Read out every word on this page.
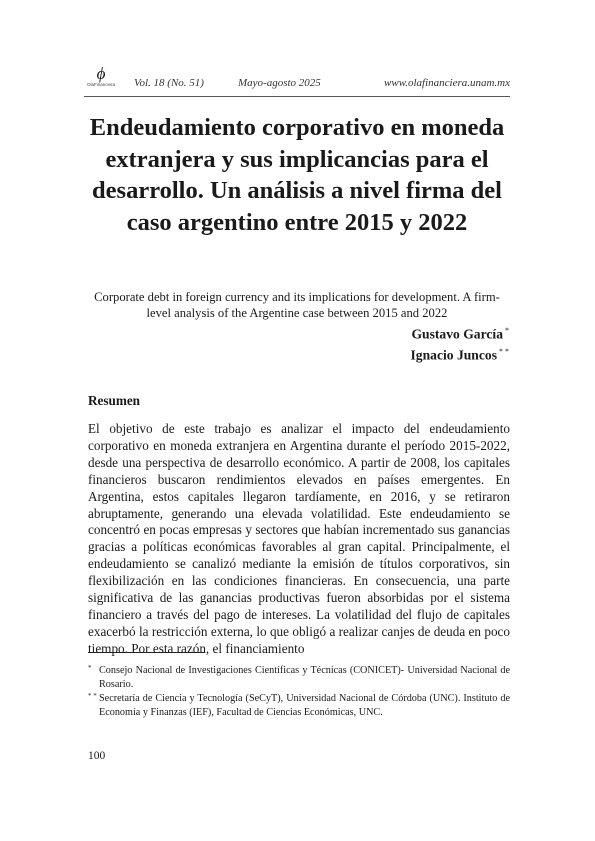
ϕ
OlaFinanciera Vol. 18 (No. 51)	Mayo-agosto 2025	www.olafinanciera.unam.mx
Endeudamiento corporativo en moneda extranjera y sus implicancias para el desarrollo. Un análisis a nivel firma del caso argentino entre 2015 y 2022

Corporate debt in foreign currency and its implications for development. A firm-level analysis of the Argentine case between 2015 and 2022

Gustavo García *
Ignacio Juncos * *
Resumen

El objetivo de este trabajo es analizar el impacto del endeudamiento corporativo en moneda extranjera en Argentina durante el período 2015-2022, desde una perspectiva de desarrollo económico. A partir de 2008, los capitales financieros buscaron rendimientos elevados en países emergentes. En Argentina, estos capitales llegaron tardíamente, en 2016, y se retiraron abruptamente, generando una elevada volatilidad. Este endeudamiento se concentró en pocas empresas y sectores que habían incrementado sus ganancias gracias a políticas económicas favorables al gran capital. Principalmente, el endeudamiento se canalizó mediante la emisión de títulos corporativos, sin flexibilización en las condiciones financieras. En consecuencia, una parte significativa de las ganancias productivas fueron absorbidas por el sistema financiero a través del pago de intereses. La volatilidad del flujo de capitales exacerbó la restricción externa, lo que obligó a realizar canjes de deuda en poco tiempo. Por esta razón, el financiamiento

* Consejo Nacional de Investigaciones Científicas y Técnicas (CONICET)- Universidad Nacional de Rosario.
* * Secretaría de Ciencia y Tecnología (SeCyT), Universidad Nacional de Córdoba (UNC). Instituto de Economía y Finanzas (IEF), Facultad de Ciencias Económicas, UNC.
100
